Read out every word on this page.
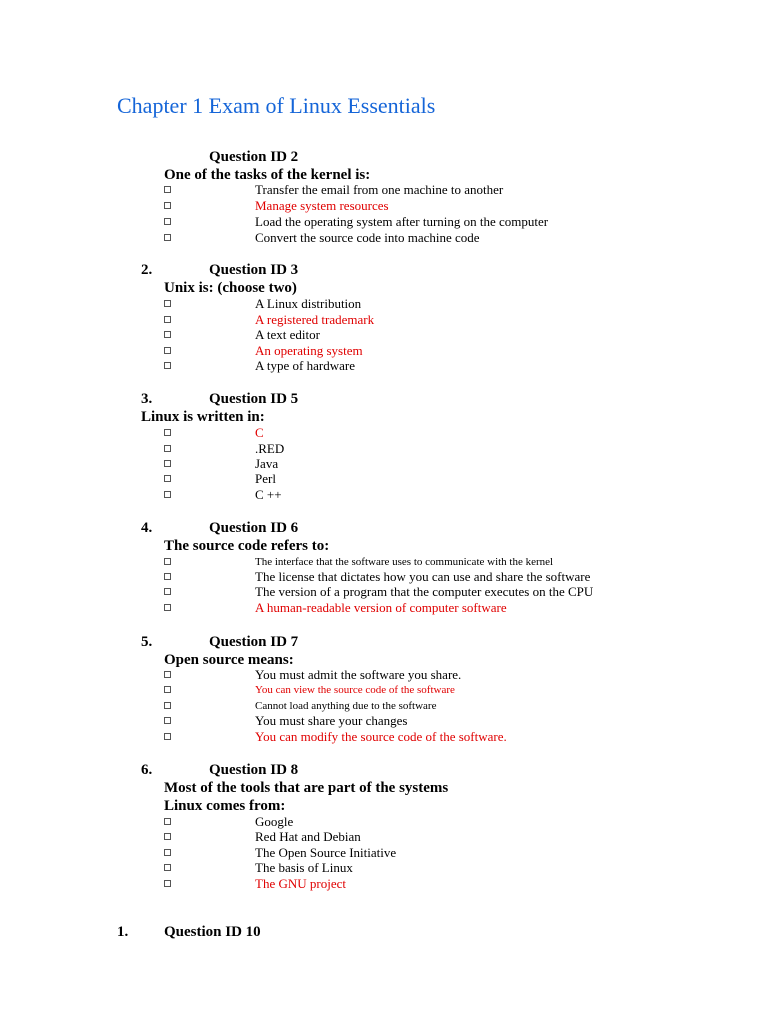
Chapter 1 Exam of Linux Essentials
Question ID 2
One of the tasks of the kernel is:
Transfer the email from one machine to another
Manage system resources
Load the operating system after turning on the computer
Convert the source code into machine code
2.	Question ID 3
Unix is: (choose two)
A Linux distribution
A registered trademark
A text editor
An operating system
A type of hardware
3.	Question ID 5
Linux is written in:
C
.RED
Java
Perl
C ++
4.	Question ID 6
The source code refers to:
The interface that the software uses to communicate with the kernel
The license that dictates how you can use and share the software
The version of a program that the computer executes on the CPU
A human-readable version of computer software
5.	Question ID 7
Open source means:
You must admit the software you share.
You can view the source code of the software
Cannot load anything due to the software
You must share your changes
You can modify the source code of the software.
6.	Question ID 8
Most of the tools that are part of the systems
Linux comes from:
Google
Red Hat and Debian
The Open Source Initiative
The basis of Linux
The GNU project
1. Question ID 10
